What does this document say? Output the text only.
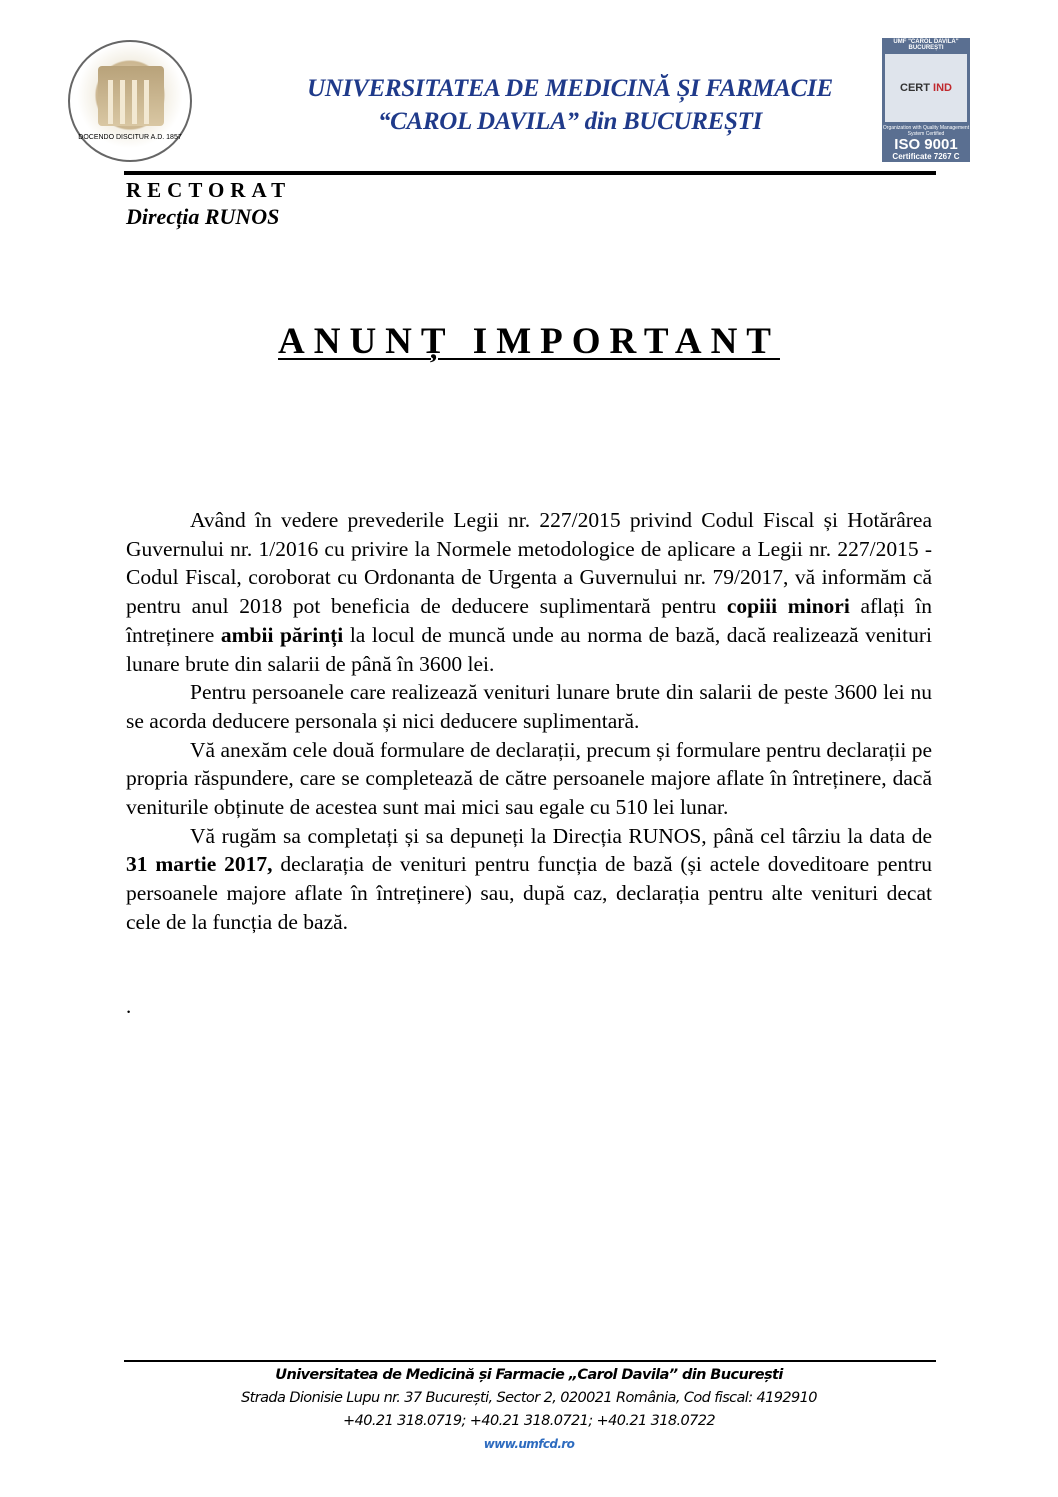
DOCENDO DISCITUR A.D. 1857
UNIVERSITATEA DE MEDICINĂ ȘI FARMACIE
“CAROL DAVILA” din BUCUREȘTI
UMF "CAROL DAVILA" BUCUREȘTI
CERT
IND
Organization with Quality Management System Certified
ISO 9001
Certificate 7267 C
RECTORAT
Direcția RUNOS
ANUNȚ IMPORTANT

Având în vedere prevederile Legii nr. 227/2015 privind Codul Fiscal și Hotărârea Guvernului nr. 1/2016 cu privire la Normele metodologice de aplicare a Legii nr. 227/2015 - Codul Fiscal, coroborat cu Ordonanta de Urgenta a Guvernului nr. 79/2017, vă informăm că pentru anul 2018 pot beneficia de deducere suplimentară pentru copiii minori aflați în întreținere ambii părinți la locul de muncă unde au norma de bază, dacă realizează venituri lunare brute din salarii de până în 3600 lei.

Pentru persoanele care realizează venituri lunare brute din salarii de peste 3600 lei nu se acorda deducere personala și nici deducere suplimentară.

Vă anexăm cele două formulare de declarații, precum și formulare pentru declarații pe propria răspundere, care se completează de către persoanele majore aflate în întreținere, dacă veniturile obținute de acestea sunt mai mici sau egale cu 510 lei lunar.

Vă rugăm sa completați și sa depuneți la Direcția RUNOS, până cel târziu la data de 31 martie 2017, declarația de venituri pentru funcția de bază (și actele doveditoare pentru persoanele majore aflate în întreținere) sau, după caz, declarația pentru alte venituri decat cele de la funcția de bază.

.
Universitatea de Medicină și Farmacie „Carol Davila” din București
Strada Dionisie Lupu nr. 37 București, Sector 2, 020021 România, Cod fiscal: 4192910
+40.21 318.0719; +40.21 318.0721; +40.21 318.0722
www.umfcd.ro
